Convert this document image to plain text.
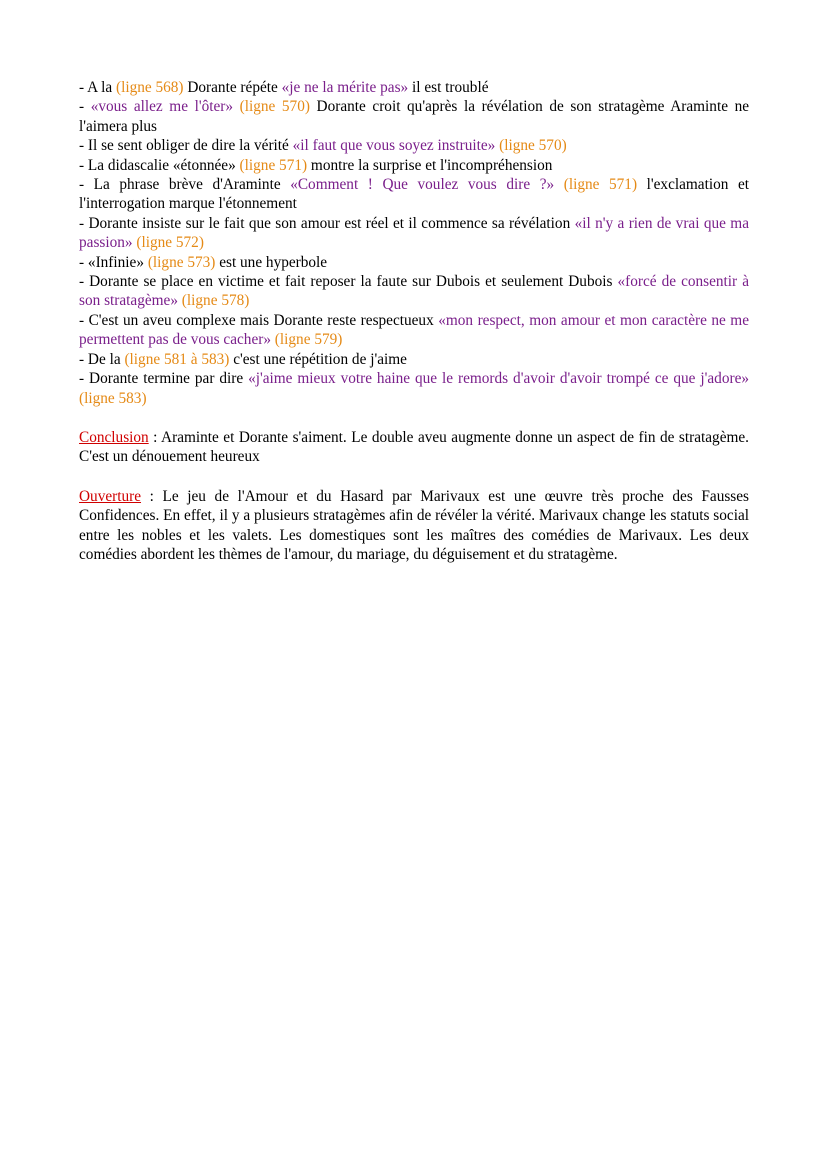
- A la (ligne 568) Dorante répéte «je ne la mérite pas» il est troublé

- «vous allez me l'ôter» (ligne 570) Dorante croit qu'après la révélation de son stratagème Araminte ne l'aimera plus

- Il se sent obliger de dire la vérité «il faut que vous soyez instruite» (ligne 570)

- La didascalie «étonnée» (ligne 571) montre la surprise et l'incompréhension

- La phrase brève d'Araminte «Comment ! Que voulez vous dire ?» (ligne 571) l'exclamation et l'interrogation marque l'étonnement

- Dorante insiste sur le fait que son amour est réel et il commence sa révélation «il n'y a rien de vrai que ma passion» (ligne 572)

- «Infinie» (ligne 573) est une hyperbole

- Dorante se place en victime et fait reposer la faute sur Dubois et seulement Dubois «forcé de consentir à son stratagème» (ligne 578)

- C'est un aveu complexe mais Dorante reste respectueux «mon respect, mon amour et mon caractère ne me permettent pas de vous cacher» (ligne 579)

- De la (ligne 581 à 583) c'est une répétition de j'aime

- Dorante termine par dire «j'aime mieux votre haine que le remords d'avoir d'avoir trompé ce que j'adore» (ligne 583)

Conclusion : Araminte et Dorante s'aiment. Le double aveu augmente donne un aspect de fin de stratagème. C'est un dénouement heureux

Ouverture : Le jeu de l'Amour et du Hasard par Marivaux est une œuvre très proche des Fausses Confidences. En effet, il y a plusieurs stratagèmes afin de révéler la vérité. Marivaux change les statuts social entre les nobles et les valets. Les domestiques sont les maîtres des comédies de Marivaux. Les deux comédies abordent les thèmes de l'amour, du mariage, du déguisement et du stratagème.
